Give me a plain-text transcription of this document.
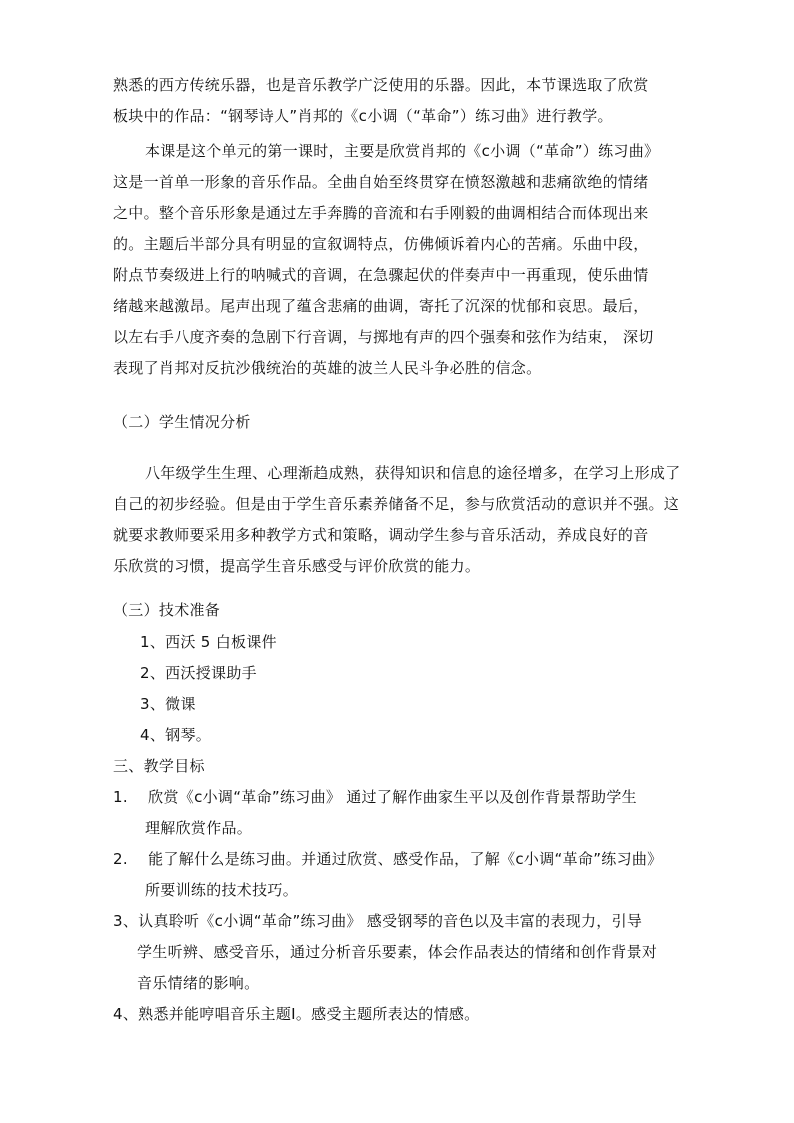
熟悉的西方传统乐器，也是音乐教学广泛使用的乐器。因此，本节课选取了欣赏
板块中的作品：“钢琴诗人”肖邦的《c小调（“革命”）练习曲》进行教学。
本课是这个单元的第一课时，主要是欣赏肖邦的《c小调（“革命”）练习曲》
这是一首单一形象的音乐作品。全曲自始至终贯穿在愤怒激越和悲痛欲绝的情绪
之中。整个音乐形象是通过左手奔腾的音流和右手刚毅的曲调相结合而体现出来
的。主题后半部分具有明显的宣叙调特点，仿佛倾诉着内心的苦痛。乐曲中段，
附点节奏级进上行的呐喊式的音调，在急骤起伏的伴奏声中一再重现，使乐曲情
绪越来越激昂。尾声出现了蕴含悲痛的曲调，寄托了沉深的忧郁和哀思。最后，
以左右手八度齐奏的急剧下行音调，与掷地有声的四个强奏和弦作为结束， 深切
表现了肖邦对反抗沙俄统治的英雄的波兰人民斗争必胜的信念。
（二）学生情况分析
八年级学生生理、心理渐趋成熟，获得知识和信息的途径增多，在学习上形成了
自己的初步经验。但是由于学生音乐素养储备不足，参与欣赏活动的意识并不强。这
就要求教师要采用多种教学方式和策略，调动学生参与音乐活动，养成良好的音
乐欣赏的习惯，提高学生音乐感受与评价欣赏的能力。
（三）技术准备
1、西沃 5 白板课件
2、西沃授课助手
3、微课
4、钢琴。
三、教学目标
1.    欣赏《c小调“革命”练习曲》 通过了解作曲家生平以及创作背景帮助学生
理解欣赏作品。
2.    能了解什么是练习曲。并通过欣赏、感受作品，了解《c小调“革命”练习曲》
所要训练的技术技巧。
3、认真聆听《c小调“革命”练习曲》 感受钢琴的音色以及丰富的表现力，引导
学生听辨、感受音乐，通过分析音乐要素，体会作品表达的情绪和创作背景对
音乐情绪的影响。
4、熟悉并能哼唱音乐主题Ⅰ。感受主题所表达的情感。
